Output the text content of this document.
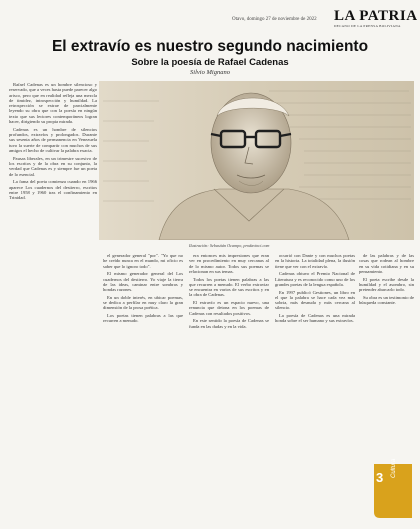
Otavo, domingo 27 de noviembre de 2022 LA PATRIA
DECANO DE LA PRENSA BOLIVIANA
El extravío es nuestro segundo nacimiento
Sobre la poesía de Rafael Cadenas
Silvio Mignano

Rafael Cadenas es un hombre silencioso y reservado, que a veces hasta puede parecer algo arisco, pero que en realidad refleja una mezcla de timidez, introspección y humildad. La retrospección se extrae de parcialmente leyendo su obra que con la poesía en ningún texto que sus lectores contemporáneos logran hacer, dirigiendo su propia mirada.

Cadenas es un hombre de silencios profundos, extravíos y prolongados. Durante sus sesenta años de permanencia en Venezuela tuvo la suerte de compartir con muchos de sus amigos el hecho de cultivar la palabra exacta.

Pausas liberales, en un trimestre sucesivo de los escritos y de la obra en su conjunto, la verdad que Cadenas es y siempre fue un poeta de lo esencial.

La fama del poeta comienza cuando en 1966 aparece Los cuadernos del destierro, escritos entre 1958 y 1960 tras el confinamiento en Trinidad.

Ilustración: Sebastián Ocampo, prodavinci.com

el generador general "por". "Yo que no he creído nunca en el mundo, mi oficio es saber que lo ignoro todo".

El mismo generador general del Los cuadernos del destierro. Yo viaje la tierra de las ideas, caminar entre sombras y hondas razones.

En un doble interés, en ubicar poemas, se dedica a perfilar en muy claro la gran dimensión de la prosa poética.

Los poetas tienen palabras a las que recurren a menudo.

era entonces mis impresiones que eran ver en procedimiento en muy cercanas al de lo mismo autor. Todos sus poemas se relacionan en sus temas.

Todos los poetas tienen palabras a las que recurren a menudo. El verbo extraviar se encuentra en varios de sus escritos y en la obra de Cadenas.

El extravío es un espacio nuevo, una renuncia que detona en los poemas de Cadenas con resultados positivos.

En este sentido la poesía de Cadenas se funda en las dudas y en la vida.

ocurrió con Dante y con muchos poetas en la historia. La totalidad plena, la ilusión tiene que ver con el extravío.

Cadenas obtuvo el Premio Nacional de Literatura y es reconocido como uno de los grandes poetas de la lengua española.

En 1997 publicó Gestiones, un libro en el que la palabra se hace cada vez más sobria, más desnuda y más cercana al silencio.

La poesía de Cadenas es una mirada honda sobre el ser humano y sus extravíos.

de las palabras y de las cosas que rodean al hombre en su vida cotidiana y en su pensamiento.

El poeta escribe desde la humildad y el asombro, sin pretender abarcarlo todo.

Su obra es un testimonio de búsqueda constante.

3 Cultura
